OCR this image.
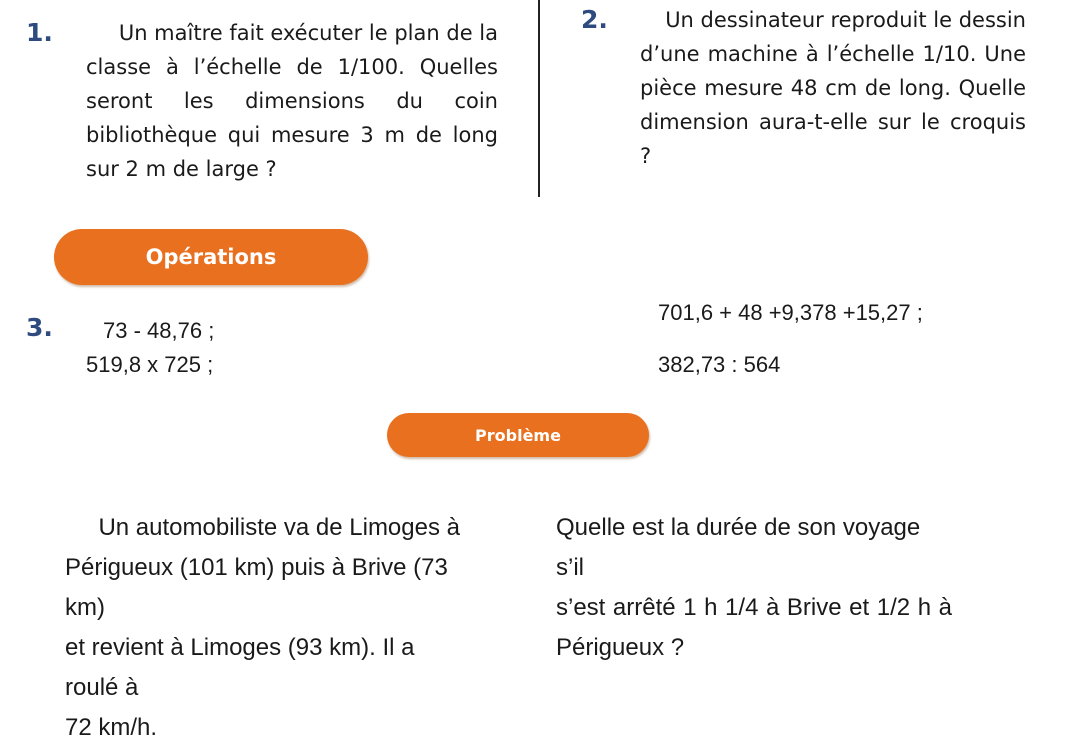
1.	Un maître fait exécuter le plan de la
classe à l’échelle de 1/100. Quelles
seront les dimensions du coin
bibliothèque qui mesure 3 m de long
sur 2 m de large ?
2.	Un dessinateur reproduit le dessin
d’une machine à l’échelle 1/10. Une
pièce mesure 48 cm de long. Quelle
dimension aura-t-elle sur le croquis ?
Opérations
3. 73 - 48,76 ;
519,8 x 725 ;
701,6 + 48 +9,378 +15,27 ;
382,73 : 564
Problème
Un automobiliste va de Limoges à
Périgueux (101 km) puis à Brive (73 km)
et revient à Limoges (93 km). Il a roulé à
72 km/h.
Quelle est la durée de son voyage s’il
s’est arrêté 1 h 1/4 à Brive et 1/2 h à
Périgueux ?
